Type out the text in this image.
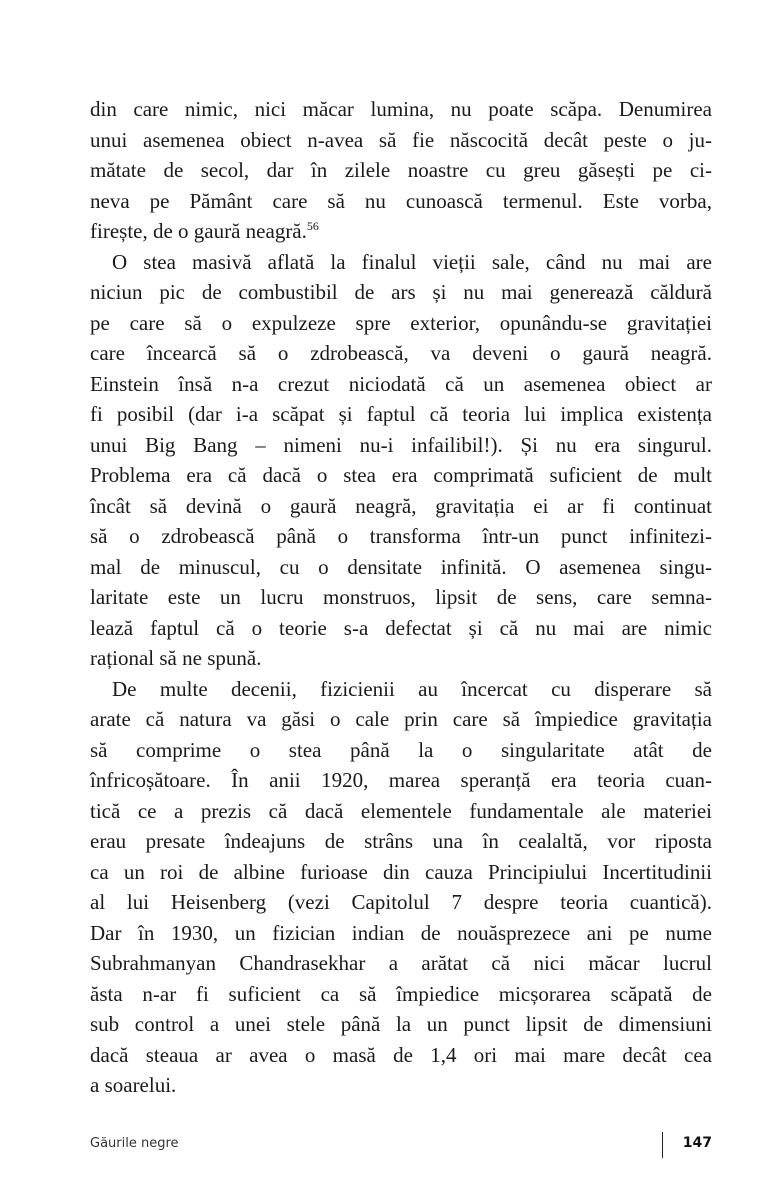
din care nimic, nici măcar lumina, nu poate scăpa. Denumirea
unui asemenea obiect n-avea să fie născocită decât peste o ju-
mătate de secol, dar în zilele noastre cu greu găsești pe ci-
neva pe Pământ care să nu cunoască termenul. Este vorba,
firește, de o gaură neagră.$^{56}$
O stea masivă aflată la finalul vieții sale, când nu mai are
niciun pic de combustibil de ars și nu mai generează căldură
pe care să o expulzeze spre exterior, opunându-se gravitației
care încearcă să o zdrobească, va deveni o gaură neagră.
Einstein însă n-a crezut niciodată că un asemenea obiect ar
fi posibil (dar i-a scăpat și faptul că teoria lui implica existența
unui Big Bang – nimeni nu-i infailibil!). Și nu era singurul.
Problema era că dacă o stea era comprimată suficient de mult
încât să devină o gaură neagră, gravitația ei ar fi continuat
să o zdrobească până o transforma într-un punct infinitezi-
mal de minuscul, cu o densitate infinită. O asemenea singu-
laritate este un lucru monstruos, lipsit de sens, care semna-
lează faptul că o teorie s-a defectat și că nu mai are nimic
rațional să ne spună.
De multe decenii, fizicienii au încercat cu disperare să
arate că natura va găsi o cale prin care să împiedice gravitația
să comprime o stea până la o singularitate atât de
înfricoșătoare. În anii 1920, marea speranță era teoria cuan-
tică ce a prezis că dacă elementele fundamentale ale materiei
erau presate îndeajuns de strâns una în cealaltă, vor riposta
ca un roi de albine furioase din cauza Principiului Incertitudinii
al lui Heisenberg (vezi Capitolul 7 despre teoria cuantică).
Dar în 1930, un fizician indian de nouăsprezece ani pe nume
Subrahmanyan Chandrasekhar a arătat că nici măcar lucrul
ăsta n-ar fi suficient ca să împiedice micșorarea scăpată de
sub control a unei stele până la un punct lipsit de dimensiuni
dacă steaua ar avea o masă de 1,4 ori mai mare decât cea
a soarelui.
Găurile negre	147
